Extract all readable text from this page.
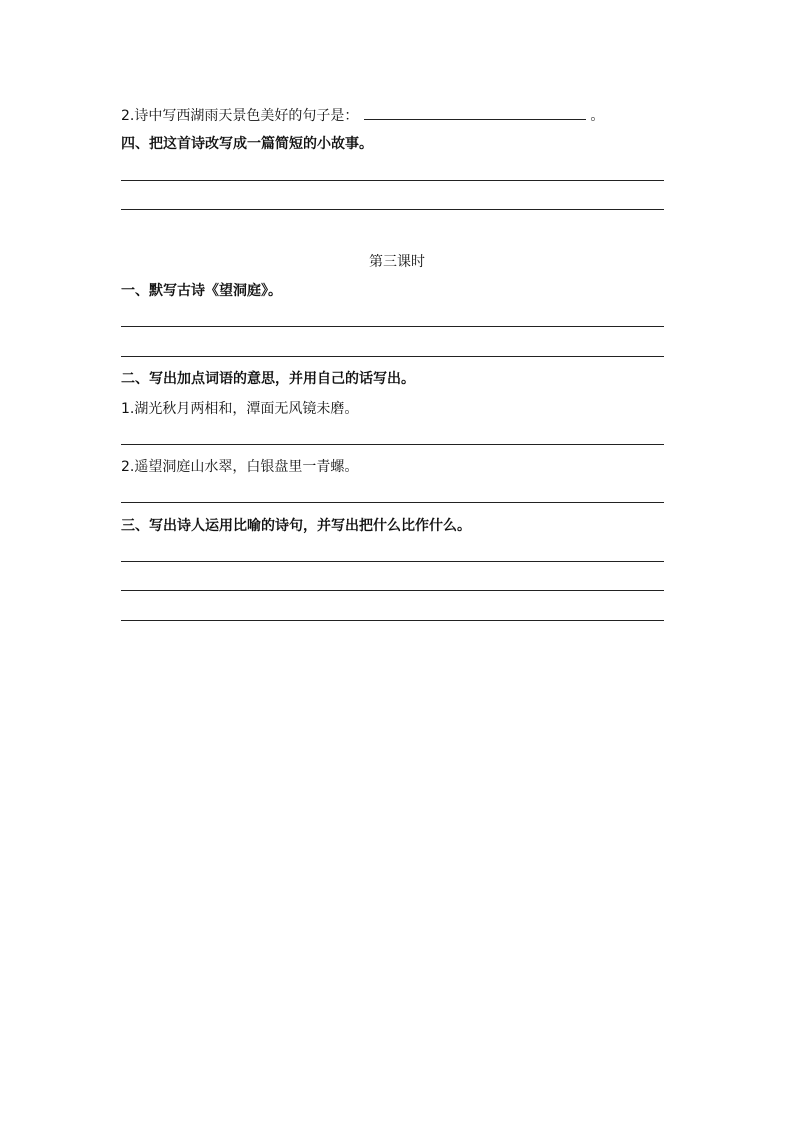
2.诗中写西湖雨天景色美好的句子是：	。
四、把这首诗改写成一篇简短的小故事。
第三课时
一、默写古诗《望洞庭》。
二、写出加点词语的意思，并用自己的话写出。
1.湖光秋月两相和，潭面无风镜未磨。
2.遥望洞庭山水翠，白银盘里一青螺。
三、写出诗人运用比喻的诗句，并写出把什么比作什么。
